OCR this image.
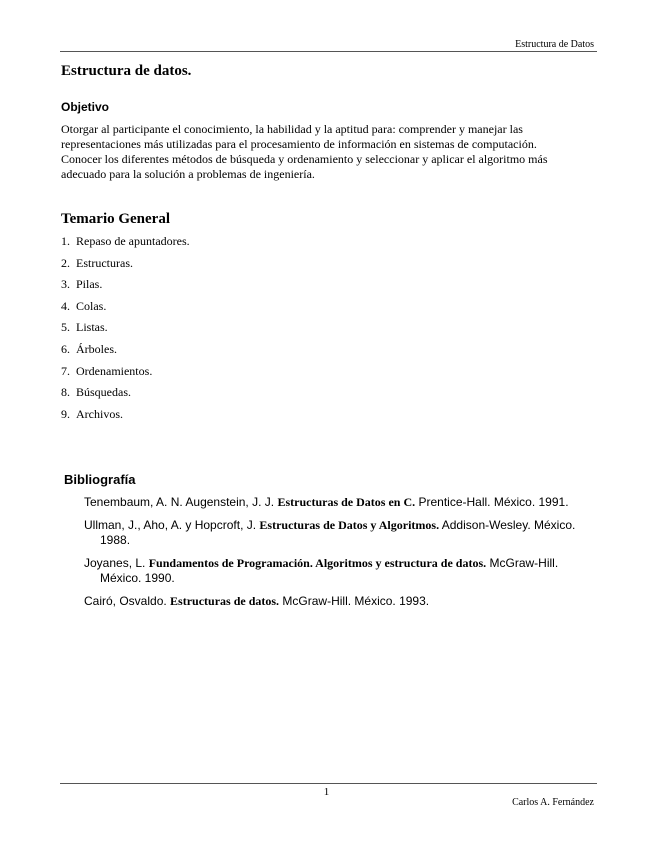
Estructura de Datos
Estructura de datos.
Objetivo

Otorgar al participante el conocimiento, la habilidad y la aptitud para: comprender y manejar las representaciones más utilizadas para el procesamiento de información en sistemas de computación.

Conocer los diferentes métodos de búsqueda y ordenamiento y seleccionar y aplicar el algoritmo más adecuado para la solución a problemas de ingeniería.

Temario General
1. Repaso de apuntadores.
2. Estructuras.
3. Pilas.
4. Colas.
5. Listas.
6. Árboles.
7. Ordenamientos.
8. Búsquedas.
9. Archivos.
Bibliografía
Tenembaum, A. N. Augenstein, J. J. Estructuras de Datos en C. Prentice-Hall. México. 1991.
Ullman, J., Aho, A. y Hopcroft, J. Estructuras de Datos y Algoritmos. Addison-Wesley. México. 1988.
Joyanes, L. Fundamentos de Programación. Algoritmos y estructura de datos. McGraw-Hill. México. 1990.
Cairó, Osvaldo. Estructuras de datos. McGraw-Hill. México. 1993.
1
Carlos A. Fernández
